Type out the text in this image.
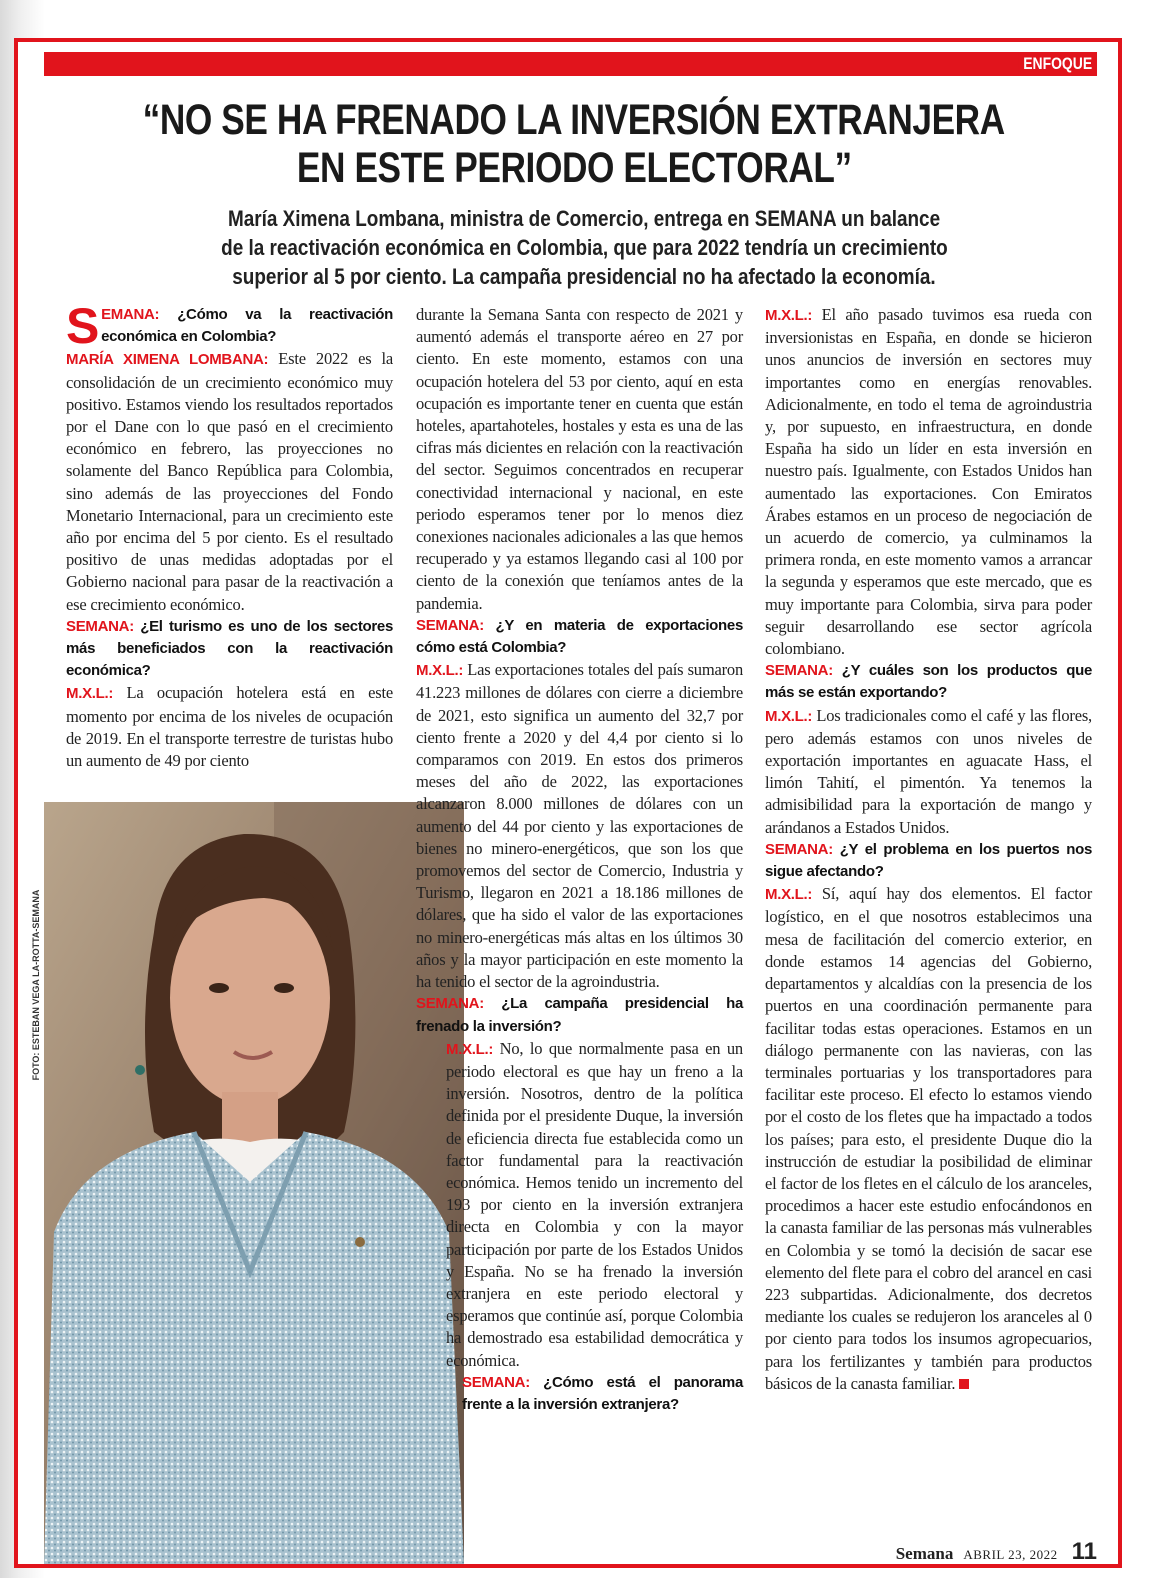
ENFOQUE
“NO SE HA FRENADO LA INVERSIÓN EXTRANJERA
EN ESTE PERIODO ELECTORAL”

María Ximena Lombana, ministra de Comercio, entrega en SEMANA un balance
de la reactivación económica en Colombia, que para 2022 tendría un crecimiento
superior al 5 por ciento. La campaña presidencial no ha afectado la economía.

SEMANA: ¿Cómo va la reactivación económica en Colombia?

MARÍA XIMENA LOMBANA: Este 2022 es la consolidación de un crecimiento económico muy positivo. Estamos viendo los resultados reportados por el Dane con lo que pasó en el crecimiento económico en febrero, las proyecciones no solamente del Banco República para Colombia, sino además de las proyecciones del Fondo Monetario Internacional, para un crecimiento este año por encima del 5 por ciento. Es el resultado positivo de unas medidas adoptadas por el Gobierno nacional para pasar de la reactivación a ese crecimiento económico.

SEMANA: ¿El turismo es uno de los sectores más beneficiados con la reactivación económica?

M.X.L.: La ocupación hotelera está en este momento por encima de los niveles de ocupación de 2019. En el transporte terrestre de turistas hubo un aumento de 49 por ciento

FOTO: ESTEBAN VEGA LA-ROTTA-SEMANA

durante la Semana Santa con respecto de 2021 y aumentó además el transporte aéreo en 27 por ciento. En este momento, estamos con una ocupación hotelera del 53 por ciento, aquí en esta ocupación es importante tener en cuenta que están hoteles, apartahoteles, hostales y esta es una de las cifras más dicientes en relación con la reactivación del sector. Seguimos concentrados en recuperar conectividad internacional y nacional, en este periodo esperamos tener por lo menos diez conexiones nacionales adicionales a las que hemos recuperado y ya estamos llegando casi al 100 por ciento de la conexión que teníamos antes de la pandemia.

SEMANA: ¿Y en materia de exportaciones cómo está Colombia?

M.X.L.: Las exportaciones totales del país sumaron 41.223 millones de dólares con cierre a diciembre de 2021, esto significa un aumento del 32,7 por ciento frente a 2020 y del 4,4 por ciento si lo comparamos con 2019. En estos dos primeros meses del año de 2022, las exportaciones alcanzaron 8.000 millones de dólares con un aumento del 44 por ciento y las exportaciones de bienes no minero-energéticos, que son los que promovemos del sector de Comercio, Industria y Turismo, llegaron en 2021 a 18.186 millones de dólares, que ha sido el valor de las exportaciones no minero-energéticas más altas en los últimos 30 años y la mayor participación en este momento la ha tenido el sector de la agroindustria.

SEMANA: ¿La campaña presidencial ha frenado la inversión?

M.X.L.: No, lo que normalmente pasa en un periodo electoral es que hay un freno a la inversión. Nosotros, dentro de la política definida por el presidente Duque, la inversión de eficiencia directa fue establecida como un factor fundamental para la reactivación económica. Hemos tenido un incremento del 193 por ciento en la inversión extranjera directa en Colombia y con la mayor participación por parte de los Estados Unidos y España. No se ha frenado la inversión extranjera en este periodo electoral y esperamos que continúe así, porque Colombia ha demostrado esa estabilidad democrática y económica.

SEMANA: ¿Cómo está el panorama frente a la inversión extranjera?

M.X.L.: El año pasado tuvimos esa rueda con inversionistas en España, en donde se hicieron unos anuncios de inversión en sectores muy importantes como en energías renovables. Adicionalmente, en todo el tema de agroindustria y, por supuesto, en infraestructura, en donde España ha sido un líder en esta inversión en nuestro país. Igualmente, con Estados Unidos han aumentado las exportaciones. Con Emiratos Árabes estamos en un proceso de negociación de un acuerdo de comercio, ya culminamos la primera ronda, en este momento vamos a arrancar la segunda y esperamos que este mercado, que es muy importante para Colombia, sirva para poder seguir desarrollando ese sector agrícola colombiano.

SEMANA: ¿Y cuáles son los productos que más se están exportando?

M.X.L.: Los tradicionales como el café y las flores, pero además estamos con unos niveles de exportación importantes en aguacate Hass, el limón Tahití, el pimentón. Ya tenemos la admisibilidad para la exportación de mango y arándanos a Estados Unidos.

SEMANA: ¿Y el problema en los puertos nos sigue afectando?

M.X.L.: Sí, aquí hay dos elementos. El factor logístico, en el que nosotros establecimos una mesa de facilitación del comercio exterior, en donde estamos 14 agencias del Gobierno, departamentos y alcaldías con la presencia de los puertos en una coordinación permanente para facilitar todas estas operaciones. Estamos en un diálogo permanente con las navieras, con las terminales portuarias y los transportadores para facilitar este proceso. El efecto lo estamos viendo por el costo de los fletes que ha impactado a todos los países; para esto, el presidente Duque dio la instrucción de estudiar la posibilidad de eliminar el factor de los fletes en el cálculo de los aranceles, procedimos a hacer este estudio enfocándonos en la canasta familiar de las personas más vulnerables en Colombia y se tomó la decisión de sacar ese elemento del flete para el cobro del arancel en casi 223 subpartidas. Adicionalmente, dos decretos mediante los cuales se redujeron los aranceles al 0 por ciento para todos los insumos agropecuarios, para los fertilizantes y también para productos básicos de la canasta familiar.

Semana ABRIL 23, 2022 11
